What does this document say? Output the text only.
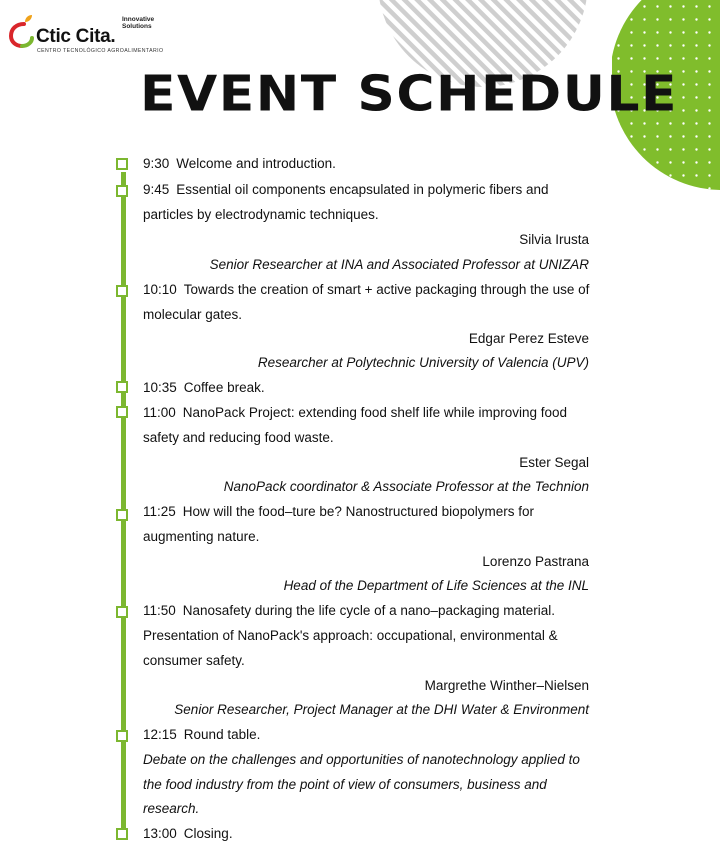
Ctic Cita.
Innovative Solutions
CENTRO TECNOLÓGICO AGROALIMENTARIO
EVENT SCHEDULE
9:30 Welcome and introduction.
9:45 Essential oil components encapsulated in polymeric fibers and particles by electrodynamic techniques.
Silvia Irusta
Senior Researcher at INA and Associated Professor at UNIZAR
10:10 Towards the creation of smart + active packaging through the use of molecular gates.
Edgar Perez Esteve
Researcher at Polytechnic University of Valencia (UPV)
10:35 Coffee break.
11:00 NanoPack Project: extending food shelf life while improving food safety and reducing food waste.
Ester Segal
NanoPack coordinator & Associate Professor at the Technion
11:25 How will the food–ture be? Nanostructured biopolymers for augmenting nature.
Lorenzo Pastrana
Head of the Department of Life Sciences at the INL
11:50 Nanosafety during the life cycle of a nano–packaging material.
Presentation of NanoPack's approach: occupational, environmental & consumer safety.
Margrethe Winther–Nielsen
Senior Researcher, Project Manager at the DHI Water & Environment
12:15 Round table.
Debate on the challenges and opportunities of nanotechnology applied to the food industry from the point of view of consumers, business and research.
13:00 Closing.
